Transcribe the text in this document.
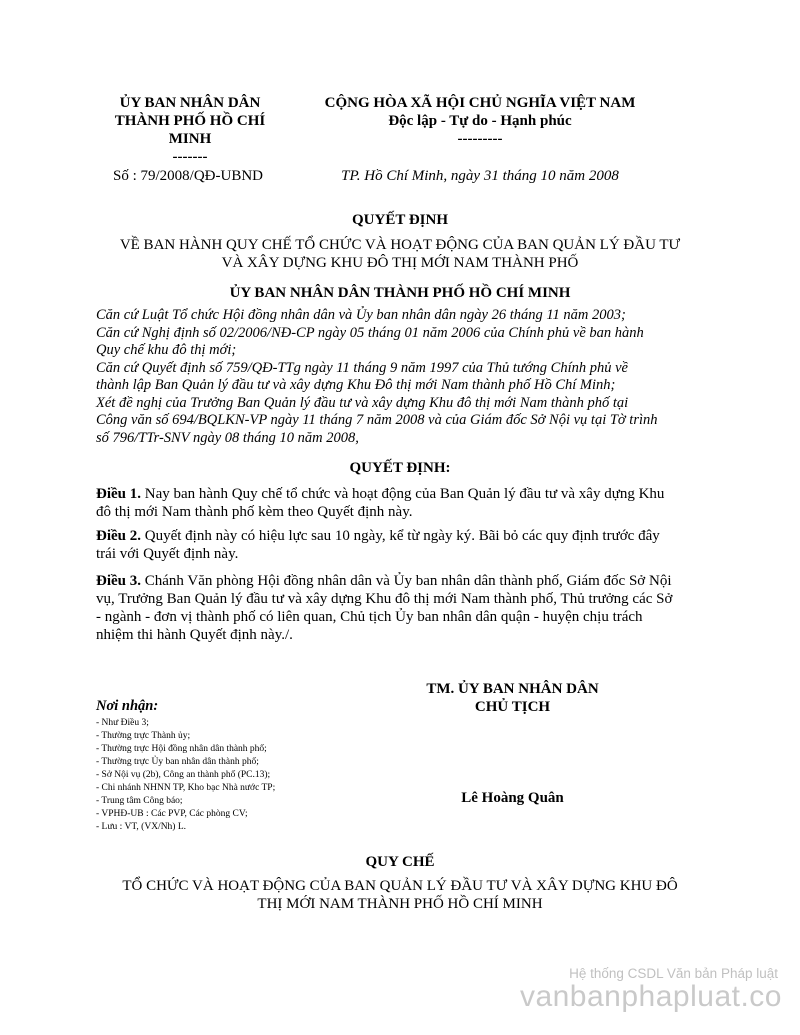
ỦY BAN NHÂN DÂN
THÀNH PHỐ HỒ CHÍ
MINH
-------
CỘNG HÒA XÃ HỘI CHỦ NGHĨA VIỆT NAM
Độc lập - Tự do - Hạnh phúc
---------
Số : 79/2008/QĐ-UBND	TP. Hồ Chí Minh, ngày 31 tháng 10 năm 2008
QUYẾT ĐỊNH
VỀ BAN HÀNH QUY CHẾ TỔ CHỨC VÀ HOẠT ĐỘNG CỦA BAN QUẢN LÝ ĐẦU TƯ
VÀ XÂY DỰNG KHU ĐÔ THỊ MỚI NAM THÀNH PHỐ
ỦY BAN NHÂN DÂN THÀNH PHỐ HỒ CHÍ MINH
Căn cứ Luật Tổ chức Hội đồng nhân dân và Ủy ban nhân dân ngày 26 tháng 11 năm 2003;
Căn cứ Nghị định số 02/2006/NĐ-CP ngày 05 tháng 01 năm 2006 của Chính phủ về ban hành
Quy chế khu đô thị mới;
Căn cứ Quyết định số 759/QĐ-TTg ngày 11 tháng 9 năm 1997 của Thủ tướng Chính phủ về
thành lập Ban Quản lý đầu tư và xây dựng Khu Đô thị mới Nam thành phố Hồ Chí Minh;
Xét đề nghị của Trưởng Ban Quản lý đầu tư và xây dựng Khu đô thị mới Nam thành phố tại
Công văn số 694/BQLKN-VP ngày 11 tháng 7 năm 2008 và của Giám đốc Sở Nội vụ tại Tờ trình
số 796/TTr-SNV ngày 08 tháng 10 năm 2008,
QUYẾT ĐỊNH:
Điều 1. Nay ban hành Quy chế tổ chức và hoạt động của Ban Quản lý đầu tư và xây dựng Khu
đô thị mới Nam thành phố kèm theo Quyết định này.
Điều 2. Quyết định này có hiệu lực sau 10 ngày, kể từ ngày ký. Bãi bỏ các quy định trước đây
trái với Quyết định này.
Điều 3. Chánh Văn phòng Hội đồng nhân dân và Ủy ban nhân dân thành phố, Giám đốc Sở Nội
vụ, Trưởng Ban Quản lý đầu tư và xây dựng Khu đô thị mới Nam thành phố, Thủ trưởng các Sở
- ngành - đơn vị thành phố có liên quan, Chủ tịch Ủy ban nhân dân quận - huyện chịu trách
nhiệm thi hành Quyết định này./.
Nơi nhận:
- Như Điều 3;
- Thường trực Thành ủy;
- Thường trực Hội đồng nhân dân thành phố;
- Thường trực Ủy ban nhân dân thành phố;
- Sở Nội vụ (2b), Công an thành phố (PC.13);
- Chi nhánh NHNN TP, Kho bạc Nhà nước TP;
- Trung tâm Công báo;
- VPHĐ-UB : Các PVP, Các phòng CV;
- Lưu : VT, (VX/Nh) L.
TM. ỦY BAN NHÂN DÂN
CHỦ TỊCH
Lê Hoàng Quân
QUY CHẾ
TỔ CHỨC VÀ HOẠT ĐỘNG CỦA BAN QUẢN LÝ ĐẦU TƯ VÀ XÂY DỰNG KHU ĐÔ
THỊ MỚI NAM THÀNH PHỐ HỒ CHÍ MINH
Hệ thống CSDL Văn bản Pháp luật
vanbanphapluat.co
